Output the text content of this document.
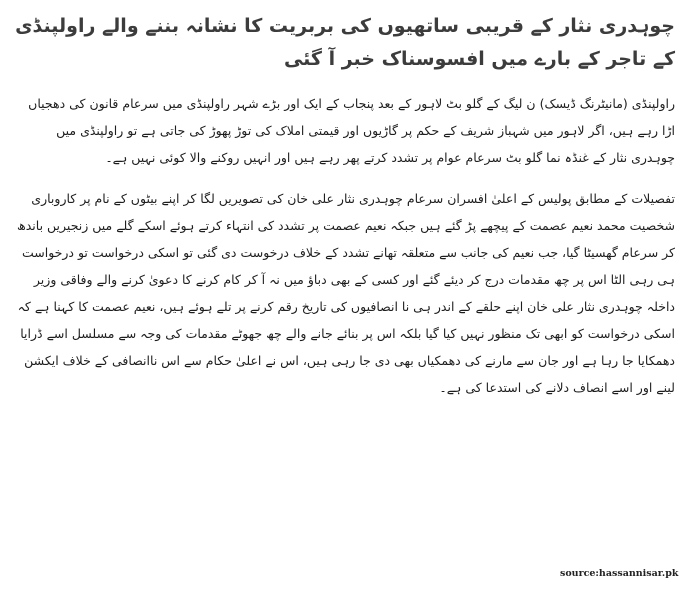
چوہدری نثار کے قریبی ساتھیوں کی بربریت کا نشانہ بننے والے راولپنڈی کے تاجر کے بارے میں افسوسناک خبر آ گئی

راولپنڈی (مانیٹرنگ ڈیسک) ن لیگ کے گلو بٹ لاہور کے بعد پنجاب کے ایک اور بڑے شہر راولپنڈی میں سرعام قانون کی دھجیاں اڑا رہے ہیں، اگر لاہور میں شہباز شریف کے حکم پر گاڑیوں اور قیمتی املاک کی توڑ پھوڑ کی جاتی ہے تو راولپنڈی میں چوہدری نثار کے غنڈہ نما گلو بٹ سرعام عوام پر تشدد کرتے پھر رہے ہیں اور انہیں روکنے والا کوئی نہیں ہے۔

تفصیلات کے مطابق پولیس کے اعلیٰ افسران سرعام چوہدری نثار علی خان کی تصویریں لگا کر اپنے بیٹوں کے نام پر کاروباری شخصیت محمد نعیم عصمت کے پیچھے پڑ گئے ہیں جبکہ نعیم عصمت پر تشدد کی انتہاء کرتے ہوئے اسکے گلے میں زنجیریں باندھ کر سرعام گھسیٹا گیا، جب نعیم کی جانب سے متعلقہ تھانے تشدد کے خلاف درخوست دی گئی تو اسکی درخواست تو درخواست ہی رہی الٹا اس پر چھ مقدمات درج کر دیئے گئے اور کسی کے بھی دباؤ میں نہ آ کر کام کرنے کا دعویٰ کرنے والے وفاقی وزیر داخلہ چوہدری نثار علی خان اپنے حلقے کے اندر ہی نا انصافیوں کی تاریخ رقم کرنے پر تلے ہوئے ہیں، نعیم عصمت کا کہنا ہے کہ اسکی درخواست کو ابھی تک منظور نہیں کیا گیا بلکہ اس پر بنائے جانے والے چھ جھوٹے مقدمات کی وجہ سے مسلسل اسے ڈرایا دھمکایا جا رہا ہے اور جان سے مارنے کی دھمکیاں بھی دی جا رہی ہیں، اس نے اعلیٰ حکام سے اس ناانصافی کے خلاف ایکشن لینے اور اسے انصاف دلانے کی استدعا کی ہے۔

source:hassannisar.pk
